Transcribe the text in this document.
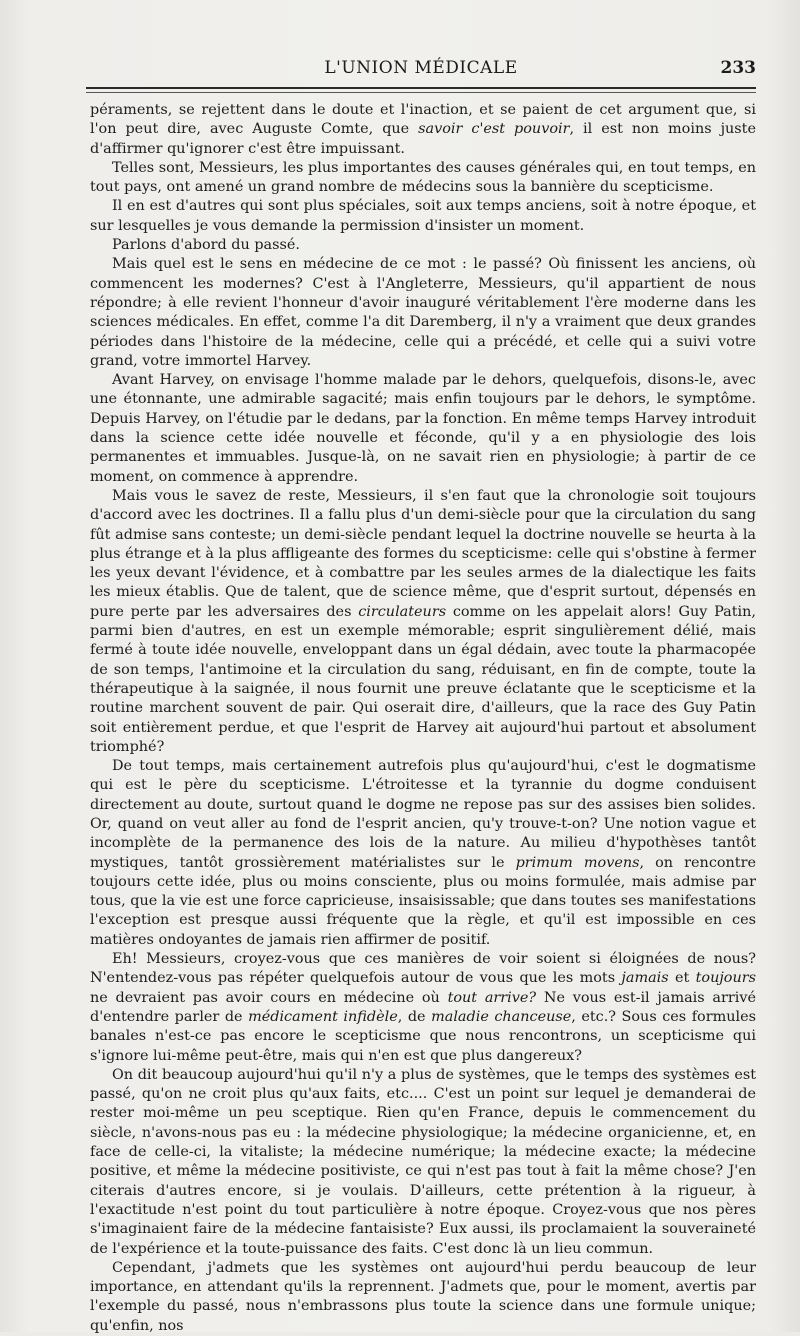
L'UNION MÉDICALE	233

péraments, se rejettent dans le doute et l'inaction, et se paient de cet argument que, si l'on peut dire, avec Auguste Comte, que savoir c'est pouvoir, il est non moins juste d'affirmer qu'ignorer c'est être impuissant.

Telles sont, Messieurs, les plus importantes des causes générales qui, en tout temps, en tout pays, ont amené un grand nombre de médecins sous la bannière du scepticisme.

Il en est d'autres qui sont plus spéciales, soit aux temps anciens, soit à notre époque, et sur lesquelles je vous demande la permission d'insister un moment.

Parlons d'abord du passé.

Mais quel est le sens en médecine de ce mot : le passé? Où finissent les anciens, où commencent les modernes? C'est à l'Angleterre, Messieurs, qu'il appartient de nous répondre; à elle revient l'honneur d'avoir inauguré véritablement l'ère moderne dans les sciences médicales. En effet, comme l'a dit Daremberg, il n'y a vraiment que deux grandes périodes dans l'histoire de la médecine, celle qui a précédé, et celle qui a suivi votre grand, votre immortel Harvey.

Avant Harvey, on envisage l'homme malade par le dehors, quelquefois, disons-le, avec une étonnante, une admirable sagacité; mais enfin toujours par le dehors, le symptôme. Depuis Harvey, on l'étudie par le dedans, par la fonction. En même temps Harvey introduit dans la science cette idée nouvelle et féconde, qu'il y a en physiologie des lois permanentes et immuables. Jusque-là, on ne savait rien en physiologie; à partir de ce moment, on commence à apprendre.

Mais vous le savez de reste, Messieurs, il s'en faut que la chronologie soit toujours d'accord avec les doctrines. Il a fallu plus d'un demi-siècle pour que la circulation du sang fût admise sans conteste; un demi-siècle pendant lequel la doctrine nouvelle se heurta à la plus étrange et à la plus affligeante des formes du scepticisme: celle qui s'obstine à fermer les yeux devant l'évidence, et à combattre par les seules armes de la dialectique les faits les mieux établis. Que de talent, que de science même, que d'esprit surtout, dépensés en pure perte par les adversaires des circulateurs comme on les appelait alors! Guy Patin, parmi bien d'autres, en est un exemple mémorable; esprit singulièrement délié, mais fermé à toute idée nouvelle, enveloppant dans un égal dédain, avec toute la pharmacopée de son temps, l'antimoine et la circulation du sang, réduisant, en fin de compte, toute la thérapeutique à la saignée, il nous fournit une preuve éclatante que le scepticisme et la routine marchent souvent de pair. Qui oserait dire, d'ailleurs, que la race des Guy Patin soit entièrement perdue, et que l'esprit de Harvey ait aujourd'hui partout et absolument triomphé?

De tout temps, mais certainement autrefois plus qu'aujourd'hui, c'est le dogmatisme qui est le père du scepticisme. L'étroitesse et la tyrannie du dogme conduisent directement au doute, surtout quand le dogme ne repose pas sur des assises bien solides. Or, quand on veut aller au fond de l'esprit ancien, qu'y trouve-t-on? Une notion vague et incomplète de la permanence des lois de la nature. Au milieu d'hypothèses tantôt mystiques, tantôt grossièrement matérialistes sur le primum movens, on rencontre toujours cette idée, plus ou moins consciente, plus ou moins formulée, mais admise par tous, que la vie est une force capricieuse, insaisissable; que dans toutes ses manifestations l'exception est presque aussi fréquente que la règle, et qu'il est impossible en ces matières ondoyantes de jamais rien affirmer de positif.

Eh! Messieurs, croyez-vous que ces manières de voir soient si éloignées de nous? N'entendez-vous pas répéter quelquefois autour de vous que les mots jamais et toujours ne devraient pas avoir cours en médecine où tout arrive? Ne vous est-il jamais arrivé d'entendre parler de médicament infidèle, de maladie chanceuse, etc.? Sous ces formules banales n'est-ce pas encore le scepticisme que nous rencontrons, un scepticisme qui s'ignore lui-même peut-être, mais qui n'en est que plus dangereux?

On dit beaucoup aujourd'hui qu'il n'y a plus de systèmes, que le temps des systèmes est passé, qu'on ne croit plus qu'aux faits, etc.... C'est un point sur lequel je demanderai de rester moi-même un peu sceptique. Rien qu'en France, depuis le commencement du siècle, n'avons-nous pas eu : la médecine physiologique; la médecine organicienne, et, en face de celle-ci, la vitaliste; la médecine numérique; la médecine exacte; la médecine positive, et même la médecine positiviste, ce qui n'est pas tout à fait la même chose? J'en citerais d'autres encore, si je voulais. D'ailleurs, cette prétention à la rigueur, à l'exactitude n'est point du tout particulière à notre époque. Croyez-vous que nos pères s'imaginaient faire de la médecine fantaisiste? Eux aussi, ils proclamaient la souveraineté de l'expérience et la toute-puissance des faits. C'est donc là un lieu commun.

Cependant, j'admets que les systèmes ont aujourd'hui perdu beaucoup de leur importance, en attendant qu'ils la reprennent. J'admets que, pour le moment, avertis par l'exemple du passé, nous n'embrassons plus toute la science dans une formule unique; qu'enfin, nos
